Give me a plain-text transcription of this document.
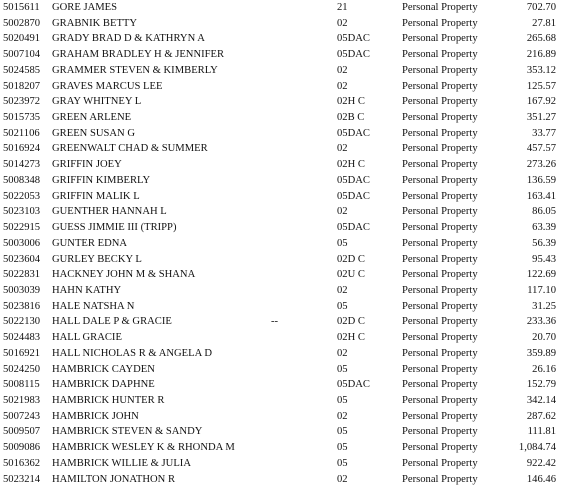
5015611 GORE JAMES	21	Personal Property	702.70
5002870 GRABNIK BETTY	02	Personal Property	27.81
5020491 GRADY BRAD D & KATHRYN A	05DAC	Personal Property	265.68
5007104 GRAHAM BRADLEY H & JENNIFER	05DAC	Personal Property	216.89
5024585 GRAMMER STEVEN & KIMBERLY	02	Personal Property	353.12
5018207 GRAVES MARCUS LEE	02	Personal Property	125.57
5023972 GRAY WHITNEY L	02H C	Personal Property	167.92
5015735 GREEN ARLENE	02B C	Personal Property	351.27
5021106 GREEN SUSAN G	05DAC	Personal Property	33.77
5016924 GREENWALT CHAD & SUMMER	02	Personal Property	457.57
5014273 GRIFFIN JOEY	02H C	Personal Property	273.26
5008348 GRIFFIN KIMBERLY	05DAC	Personal Property	136.59
5022053 GRIFFIN MALIK L	05DAC	Personal Property	163.41
5023103 GUENTHER HANNAH L	02	Personal Property	86.05
5022915 GUESS JIMMIE III (TRIPP)	05DAC	Personal Property	63.39
5003006 GUNTER EDNA	05	Personal Property	56.39
5023604 GURLEY BECKY L	02D C	Personal Property	95.43
5022831 HACKNEY JOHN M & SHANA	02U C	Personal Property	122.69
5003039 HAHN KATHY	02	Personal Property	117.10
5023816 HALE NATSHA N	05	Personal Property	31.25
5022130 HALL DALE P & GRACIE	--	02D C	Personal Property	233.36
5024483 HALL GRACIE	02H C	Personal Property	20.70
5016921 HALL NICHOLAS R & ANGELA D	02	Personal Property	359.89
5024250 HAMBRICK CAYDEN	05	Personal Property	26.16
5008115 HAMBRICK DAPHNE	05DAC	Personal Property	152.79
5021983 HAMBRICK HUNTER R	05	Personal Property	342.14
5007243 HAMBRICK JOHN	02	Personal Property	287.62
5009507 HAMBRICK STEVEN & SANDY	05	Personal Property	111.81
5009086 HAMBRICK WESLEY K & RHONDA M	05	Personal Property	1,084.74
5016362 HAMBRICK WILLIE & JULIA	05	Personal Property	922.42
5023214 HAMILTON JONATHON R	02	Personal Property	146.46
